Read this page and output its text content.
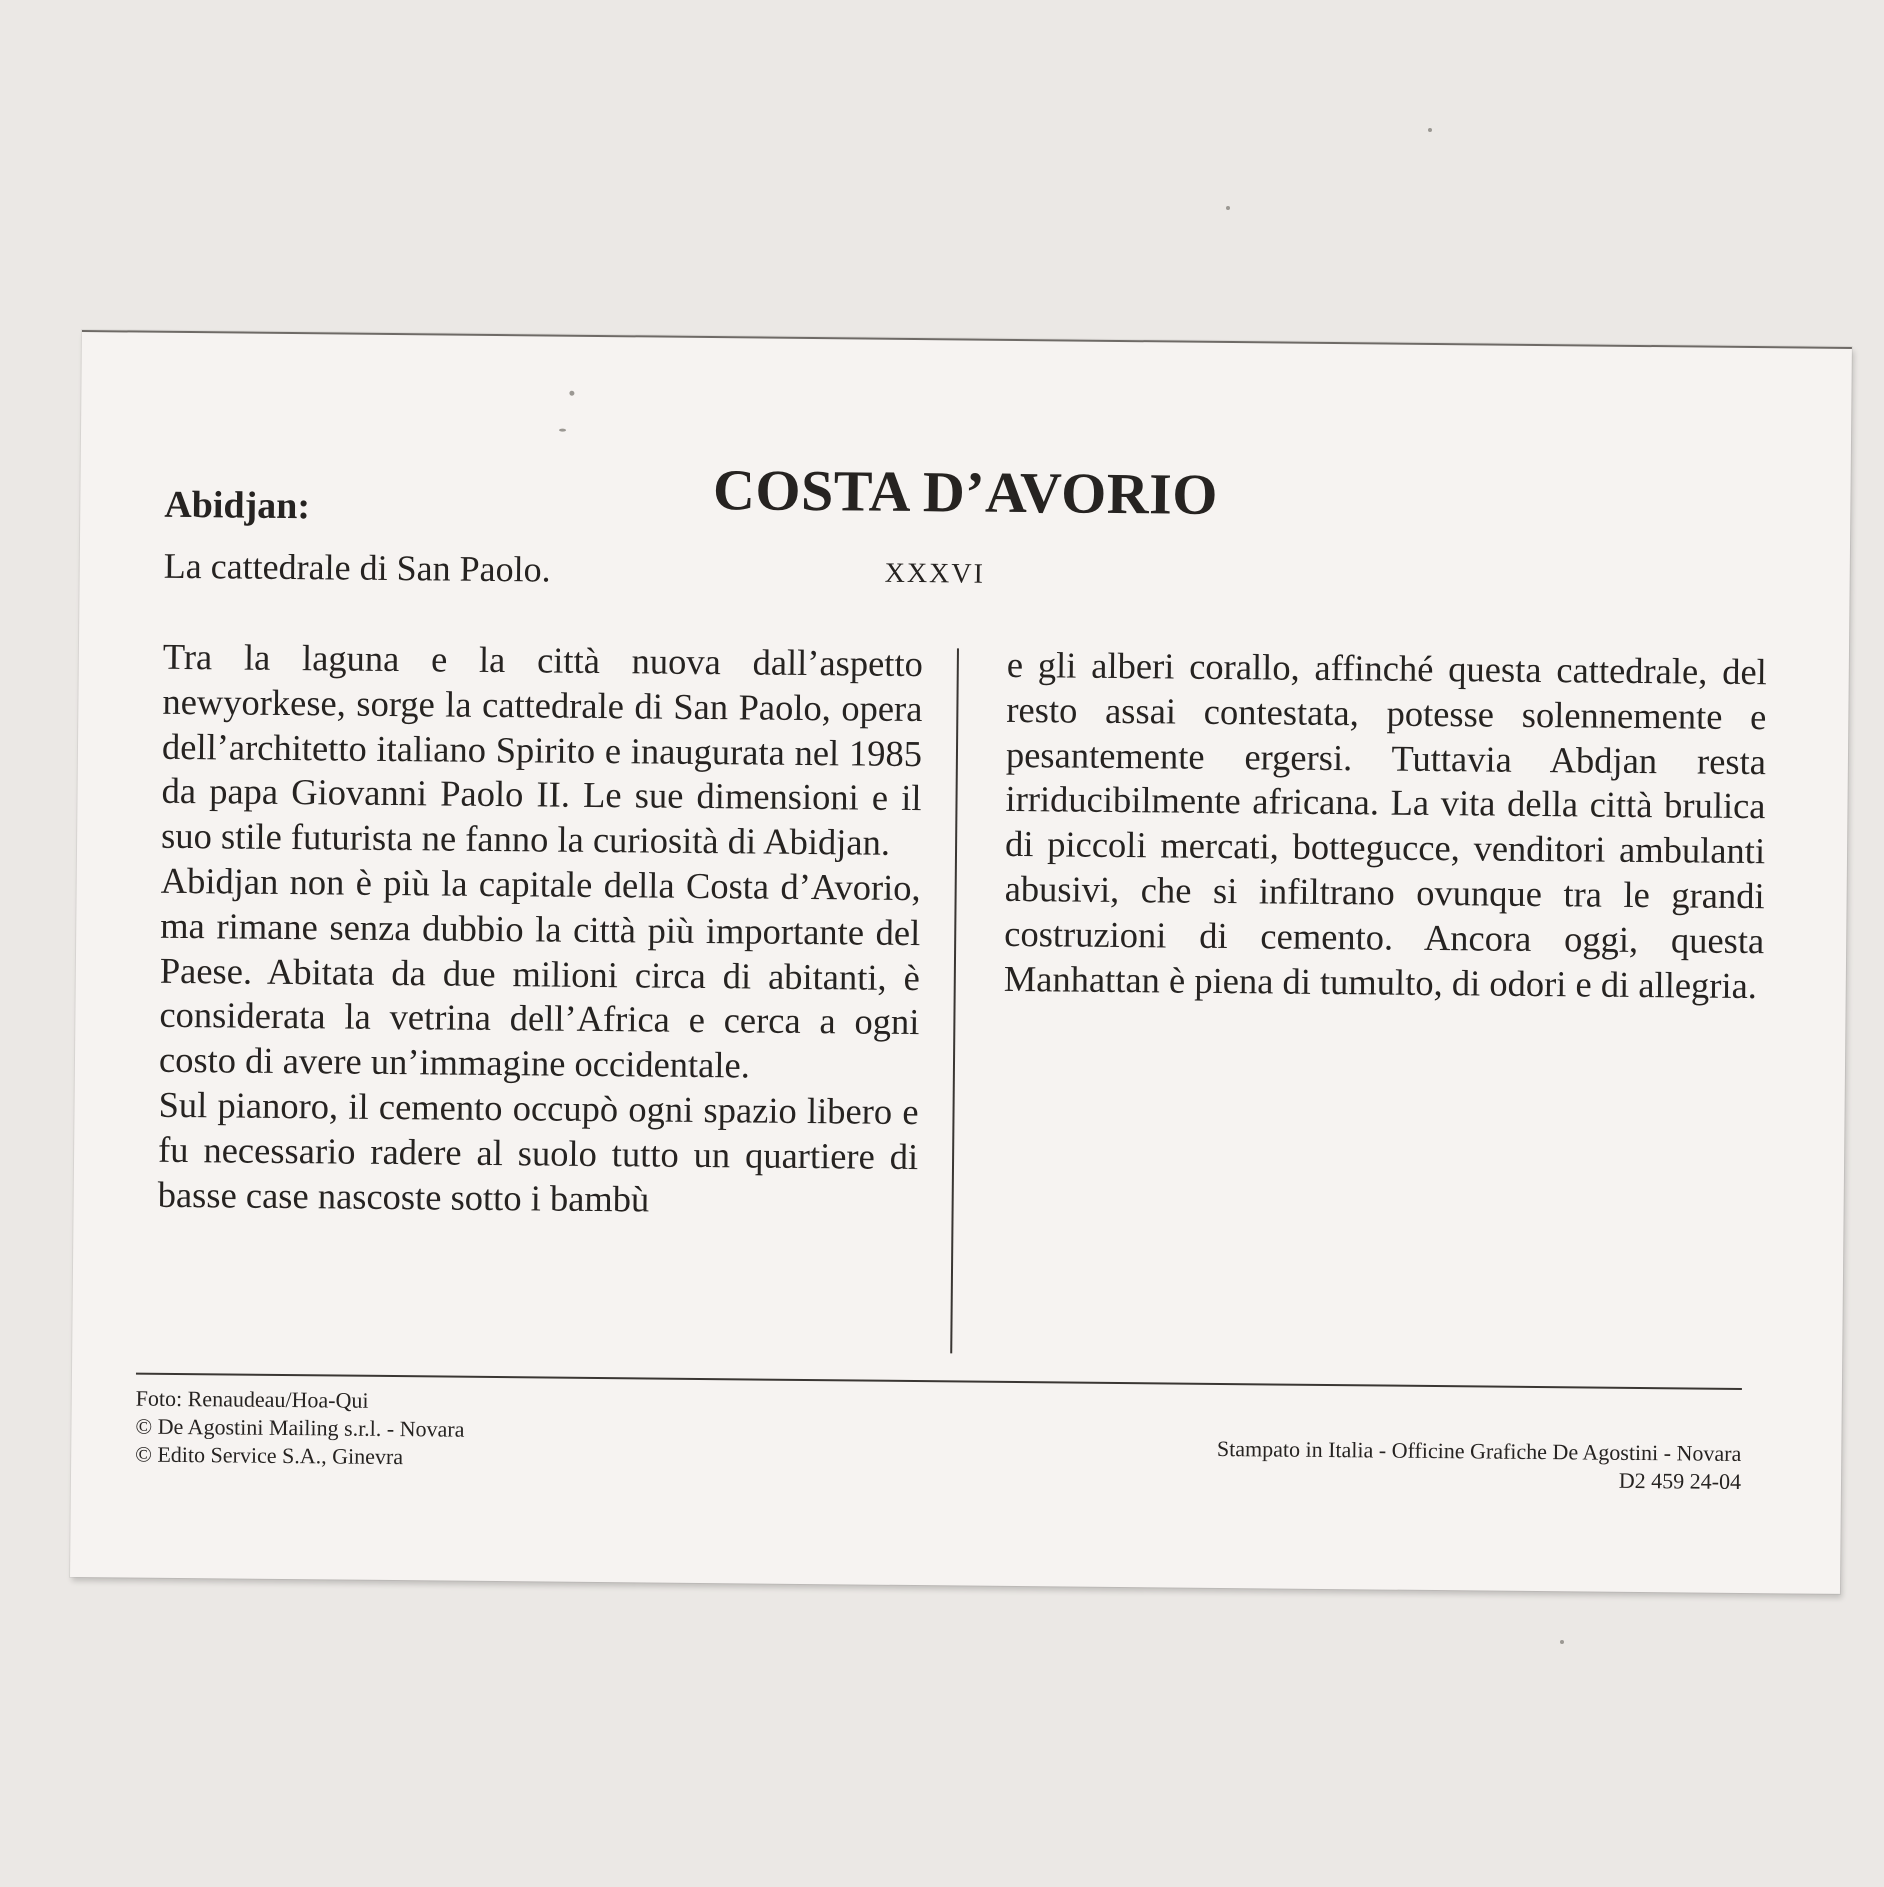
Abidjan:	COSTA D’AVORIO
La cattedrale di San Paolo.	XXXVI

Tra la laguna e la città nuova dall’aspetto newyorkese, sorge la cattedrale di San Paolo, opera dell’architetto italiano Spirito e inaugurata nel 1985 da papa Giovanni Paolo II. Le sue dimensioni e il suo stile futurista ne fanno la curiosità di Abidjan.

Abidjan non è più la capitale della Costa d’Avorio, ma rimane senza dubbio la città più importante del Paese. Abitata da due milioni circa di abitanti, è considerata la vetrina dell’Africa e cerca a ogni costo di avere un’immagine occidentale.

Sul pianoro, il cemento occupò ogni spazio libero e fu necessario radere al suolo tutto un quartiere di basse case nascoste sotto i bambù

e gli alberi corallo, affinché questa cattedrale, del resto assai contestata, potesse solennemente e pesantemente ergersi. Tuttavia Abdjan resta irriducibilmente africana. La vita della città brulica di piccoli mercati, bottegucce, venditori ambulanti abusivi, che si infiltrano ovunque tra le grandi costruzioni di cemento. Ancora oggi, questa Manhattan è piena di tumulto, di odori e di allegria.

Foto: Renaudeau/Hoa-Qui
© De Agostini Mailing s.r.l. - Novara
© Edito Service S.A., Ginevra	Stampato in Italia - Officine Grafiche De Agostini - Novara
D2 459 24-04
